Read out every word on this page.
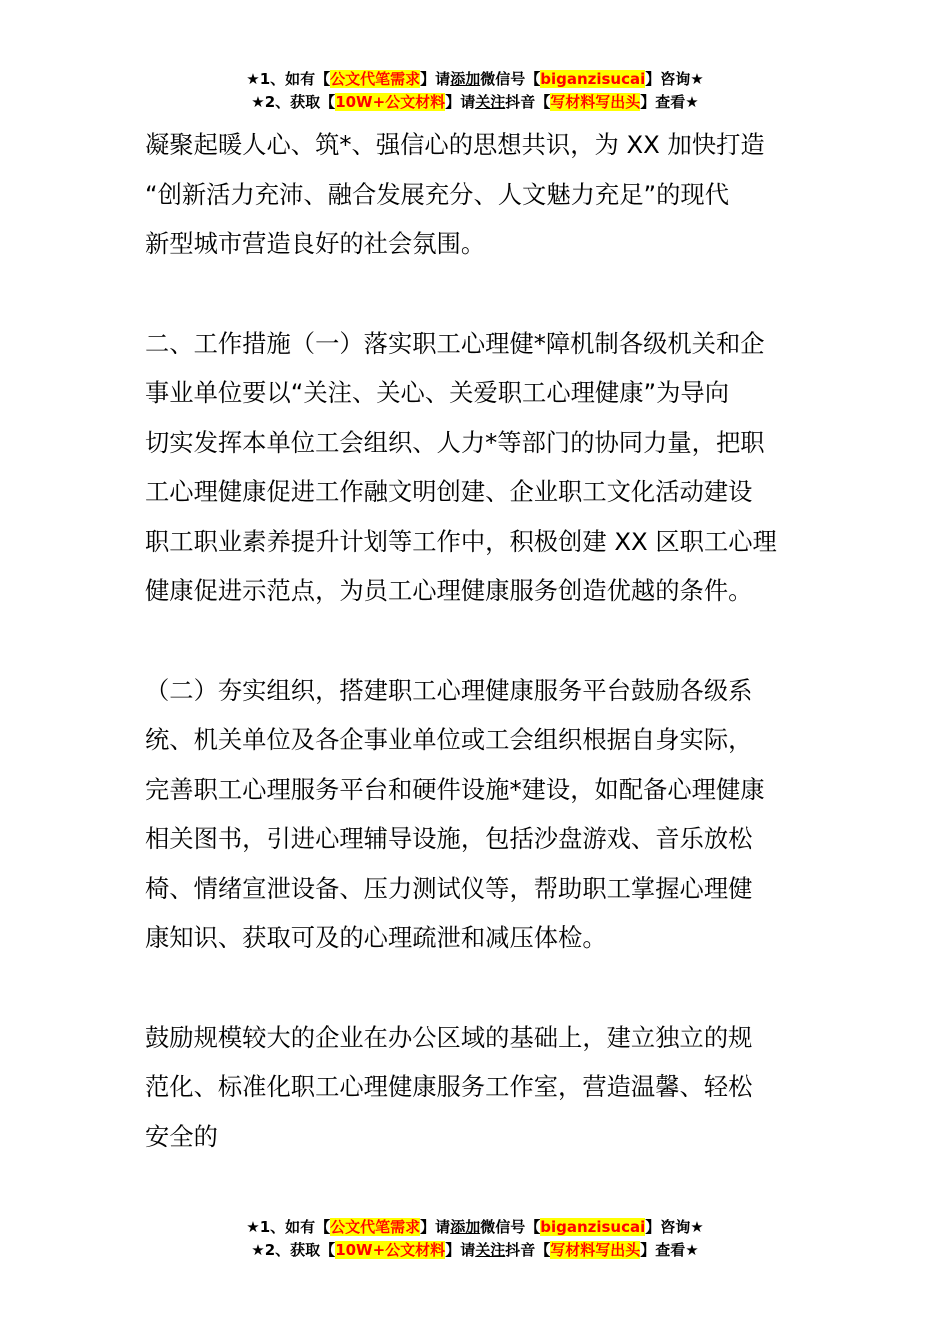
★1、如有【公文代笔需求】请添加微信号【biganzisucai】咨询★
★2、获取【10W+公文材料】请关注抖音【写材料写出头】查看★

凝聚起暖人心、筑*、强信心的思想共识，为 XX 加快打造

“创新活力充沛、融合发展充分、人文魅力充足”的现代

新型城市营造良好的社会氛围。

二、工作措施（一）落实职工心理健*障机制各级机关和企

事业单位要以“关注、关心、关爱职工心理健康”为导向

切实发挥本单位工会组织、人力*等部门的协同力量，把职

工心理健康促进工作融文明创建、企业职工文化活动建设

职工职业素养提升计划等工作中，积极创建 XX 区职工心理

健康促进示范点，为员工心理健康服务创造优越的条件。

（二）夯实组织，搭建职工心理健康服务平台鼓励各级系

统、机关单位及各企事业单位或工会组织根据自身实际，

完善职工心理服务平台和硬件设施*建设，如配备心理健康

相关图书，引进心理辅导设施，包括沙盘游戏、音乐放松

椅、情绪宣泄设备、压力测试仪等，帮助职工掌握心理健

康知识、获取可及的心理疏泄和减压体检。

鼓励规模较大的企业在办公区域的基础上，建立独立的规

范化、标准化职工心理健康服务工作室，营造温馨、轻松

安全的

★1、如有【公文代笔需求】请添加微信号【biganzisucai】咨询★
★2、获取【10W+公文材料】请关注抖音【写材料写出头】查看★
